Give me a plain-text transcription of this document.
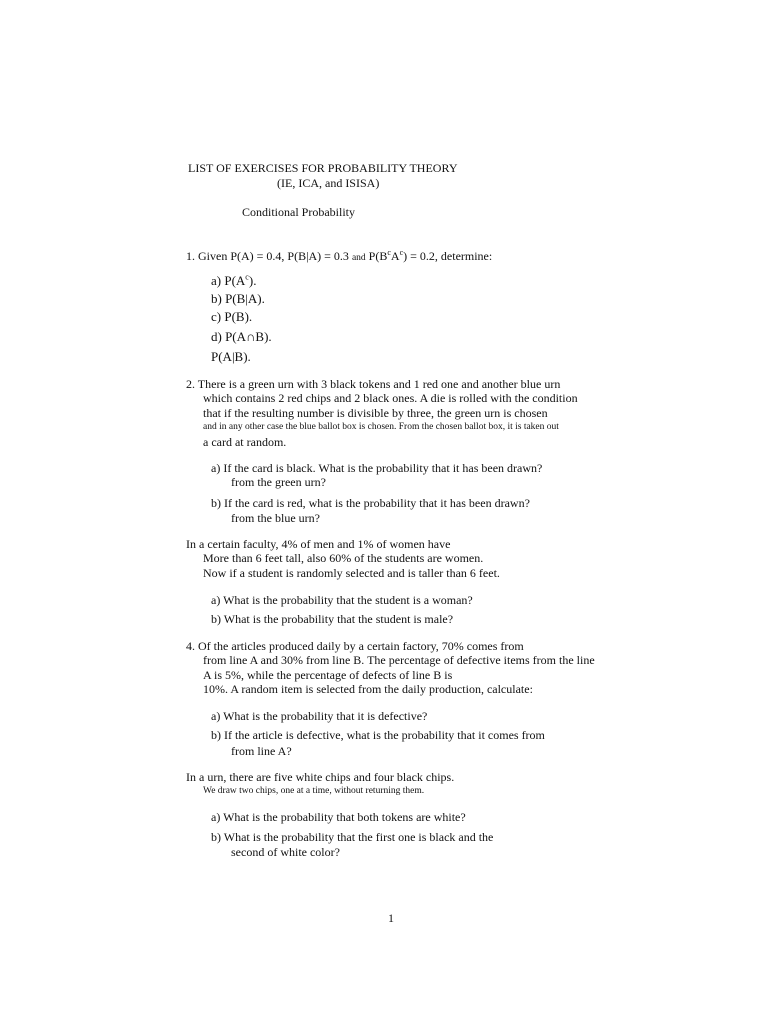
LIST OF EXERCISES FOR PROBABILITY THEORY
(IE, ICA, and ISISA)
Conditional Probability
1. Given P(A) = 0.4, P(B|A) = 0.3 and $P(B^cA^c) = 0.2$, determine:
a) $P(A^c)$.
b) P(B|A).
c) P(B).
d) P(A∩B).
P(A|B).
2. There is a green urn with 3 black tokens and 1 red one and another blue urn
which contains 2 red chips and 2 black ones. A die is rolled with the condition
that if the resulting number is divisible by three, the green urn is chosen
and in any other case the blue ballot box is chosen. From the chosen ballot box, it is taken out
a card at random.
a) If the card is black. What is the probability that it has been drawn?
from the green urn?
b) If the card is red, what is the probability that it has been drawn?
from the blue urn?
In a certain faculty, 4% of men and 1% of women have
More than 6 feet tall, also 60% of the students are women.
Now if a student is randomly selected and is taller than 6 feet.
a) What is the probability that the student is a woman?
b) What is the probability that the student is male?
4. Of the articles produced daily by a certain factory, 70% comes from
from line A and 30% from line B. The percentage of defective items from the line
A is 5%, while the percentage of defects of line B is
10%. A random item is selected from the daily production, calculate:
a) What is the probability that it is defective?
b) If the article is defective, what is the probability that it comes from
from line A?
In a urn, there are five white chips and four black chips.
We draw two chips, one at a time, without returning them.
a) What is the probability that both tokens are white?
b) What is the probability that the first one is black and the
second of white color?
1
